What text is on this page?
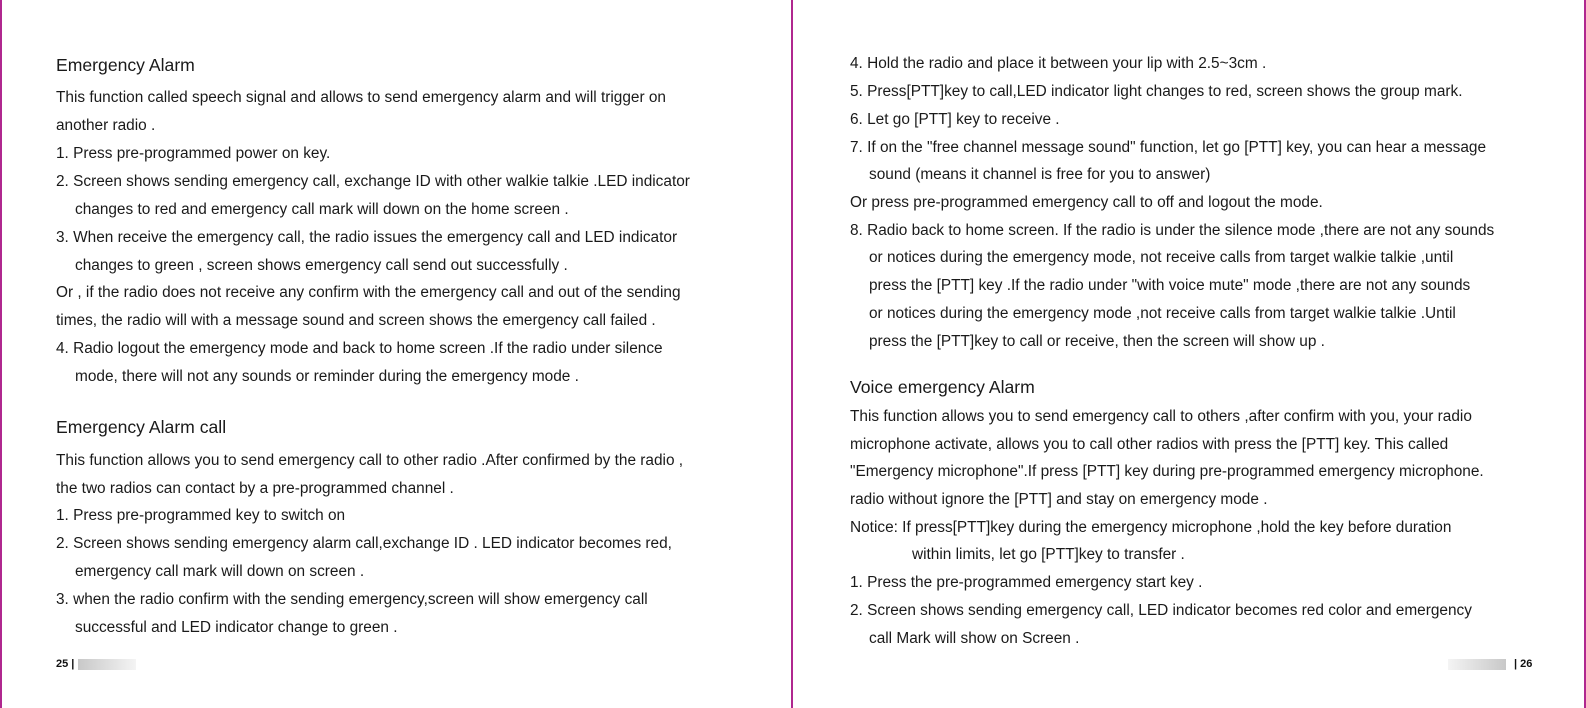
Emergency Alarm
This function called speech signal and allows to send emergency alarm and will trigger on
another radio .
1. Press pre-programmed power on key.
2. Screen shows sending emergency call, exchange ID with other walkie talkie .LED indicator
changes to red and emergency call mark will down on the home screen .
3. When receive the emergency call, the radio issues the emergency call and LED indicator
changes to green , screen shows emergency call send out successfully .
Or , if the radio does not receive any confirm with the emergency call and out of the sending
times, the radio will with a message sound and screen shows the emergency call failed .
4. Radio logout the emergency mode and back to home screen .If the radio under silence
mode, there will not any sounds or reminder during the emergency mode .
Emergency Alarm call
This function allows you to send emergency call to other radio .After confirmed by the radio ,
the two radios can contact by a pre-programmed channel .
1. Press pre-programmed key to switch on
2. Screen shows sending emergency alarm call,exchange ID . LED indicator becomes red,
emergency call mark will down on screen .
3. when the radio confirm with the sending emergency,screen will show emergency call
successful and LED indicator change to green .
25 |
4. Hold the radio and place it between your lip with 2.5~3cm .
5. Press[PTT]key to call,LED indicator light changes to red, screen shows the group mark.
6. Let go [PTT] key to receive .
7. If on the "free channel message sound" function, let go [PTT] key, you can hear a message
sound (means it channel is free for you to answer)
Or press pre-programmed emergency call to off and logout the mode.
8. Radio back to home screen. If the radio is under the silence mode ,there are not any sounds
or notices during the emergency mode, not receive calls from target walkie talkie ,until
press the [PTT] key .If the radio under "with voice mute" mode ,there are not any sounds
or notices during the emergency mode ,not receive calls from target walkie talkie .Until
press the [PTT]key to call or receive, then the screen will show up .
Voice emergency Alarm
This function allows you to send emergency call to others ,after confirm with you, your radio
microphone activate, allows you to call other radios with press the [PTT] key. This called
"Emergency microphone".If press [PTT] key during pre-programmed emergency microphone.
radio without ignore the [PTT] and stay on emergency mode .
Notice: If press[PTT]key during the emergency microphone ,hold the key before duration
within limits, let go [PTT]key to transfer .
1. Press the pre-programmed emergency start key .
2. Screen shows sending emergency call, LED indicator becomes red color and emergency
call Mark will show on Screen .
| 26
